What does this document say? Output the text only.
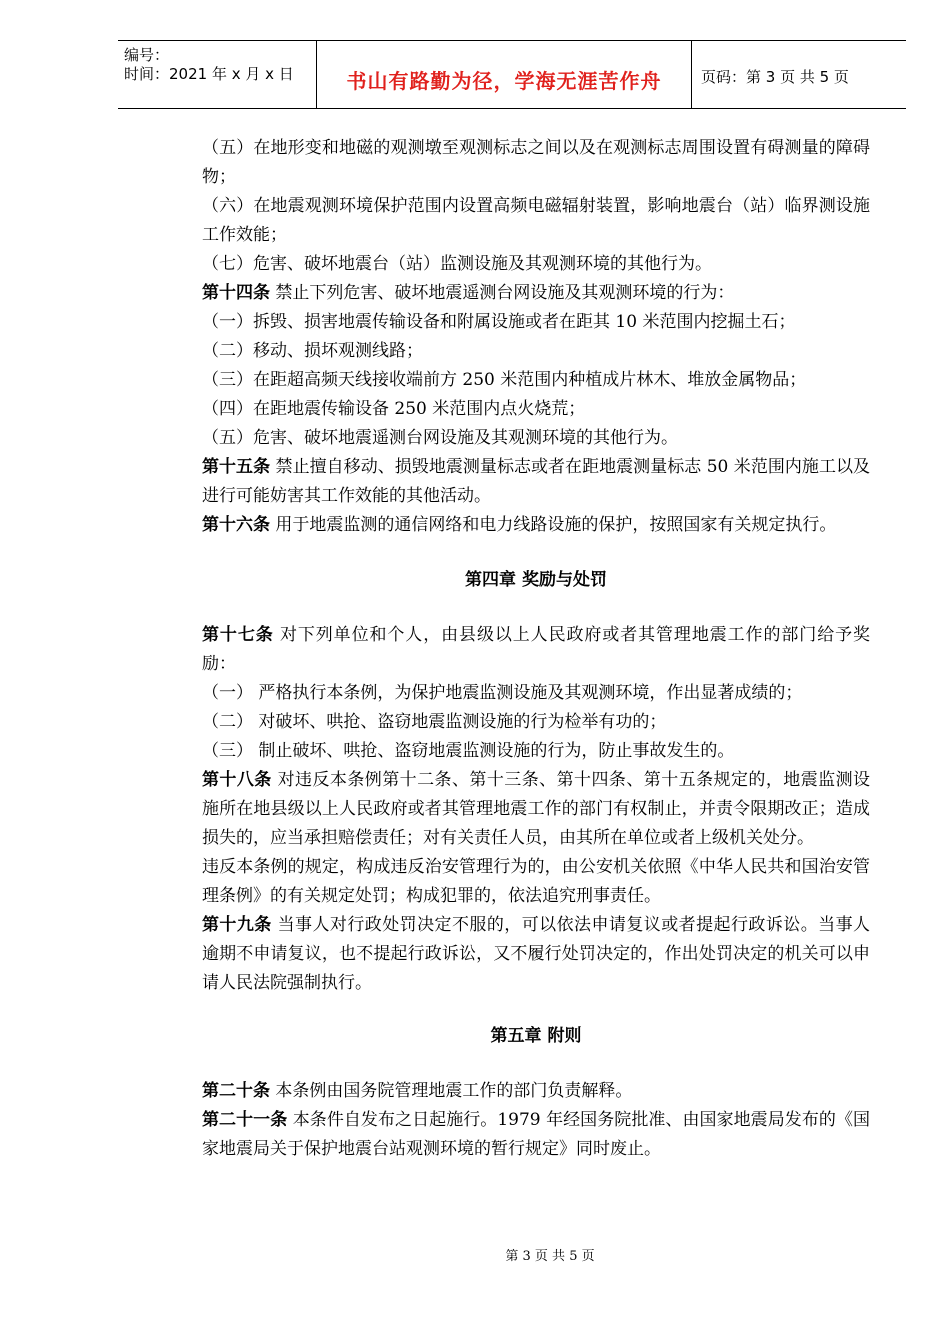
编号：
时间：2021 年 x 月 x 日	书山有路勤为径，学海无涯苦作舟	页码：第 3 页 共 5 页

（五）在地形变和地磁的观测墩至观测标志之间以及在观测标志周围设置有碍测量的障碍物；

（六）在地震观测环境保护范围内设置高频电磁辐射装置，影响地震台（站）临界测设施工作效能；

（七）危害、破坏地震台（站）监测设施及其观测环境的其他行为。

第十四条 禁止下列危害、破坏地震遥测台网设施及其观测环境的行为：

（一）拆毁、损害地震传输设备和附属设施或者在距其 10 米范围内挖掘土石；

（二）移动、损坏观测线路；

（三）在距超高频天线接收端前方 250 米范围内种植成片林木、堆放金属物品；

（四）在距地震传输设备 250 米范围内点火烧荒；

（五）危害、破坏地震遥测台网设施及其观测环境的其他行为。

第十五条 禁止擅自移动、损毁地震测量标志或者在距地震测量标志 50 米范围内施工以及进行可能妨害其工作效能的其他活动。

第十六条 用于地震监测的通信网络和电力线路设施的保护，按照国家有关规定执行。

第四章 奖励与处罚

第十七条 对下列单位和个人，由县级以上人民政府或者其管理地震工作的部门给予奖励：

（一） 严格执行本条例，为保护地震监测设施及其观测环境，作出显著成绩的；

（二） 对破坏、哄抢、盗窃地震监测设施的行为检举有功的；

（三） 制止破坏、哄抢、盗窃地震监测设施的行为，防止事故发生的。

第十八条 对违反本条例第十二条、第十三条、第十四条、第十五条规定的，地震监测设施所在地县级以上人民政府或者其管理地震工作的部门有权制止，并责令限期改正；造成损失的，应当承担赔偿责任；对有关责任人员，由其所在单位或者上级机关处分。

违反本条例的规定，构成违反治安管理行为的，由公安机关依照《中华人民共和国治安管理条例》的有关规定处罚；构成犯罪的，依法追究刑事责任。

第十九条 当事人对行政处罚决定不服的，可以依法申请复议或者提起行政诉讼。当事人逾期不申请复议，也不提起行政诉讼，又不履行处罚决定的，作出处罚决定的机关可以申请人民法院强制执行。

第五章 附则

第二十条 本条例由国务院管理地震工作的部门负责解释。

第二十一条 本条件自发布之日起施行。1979 年经国务院批准、由国家地震局发布的《国家地震局关于保护地震台站观测环境的暂行规定》同时废止。

第 3 页 共 5 页
